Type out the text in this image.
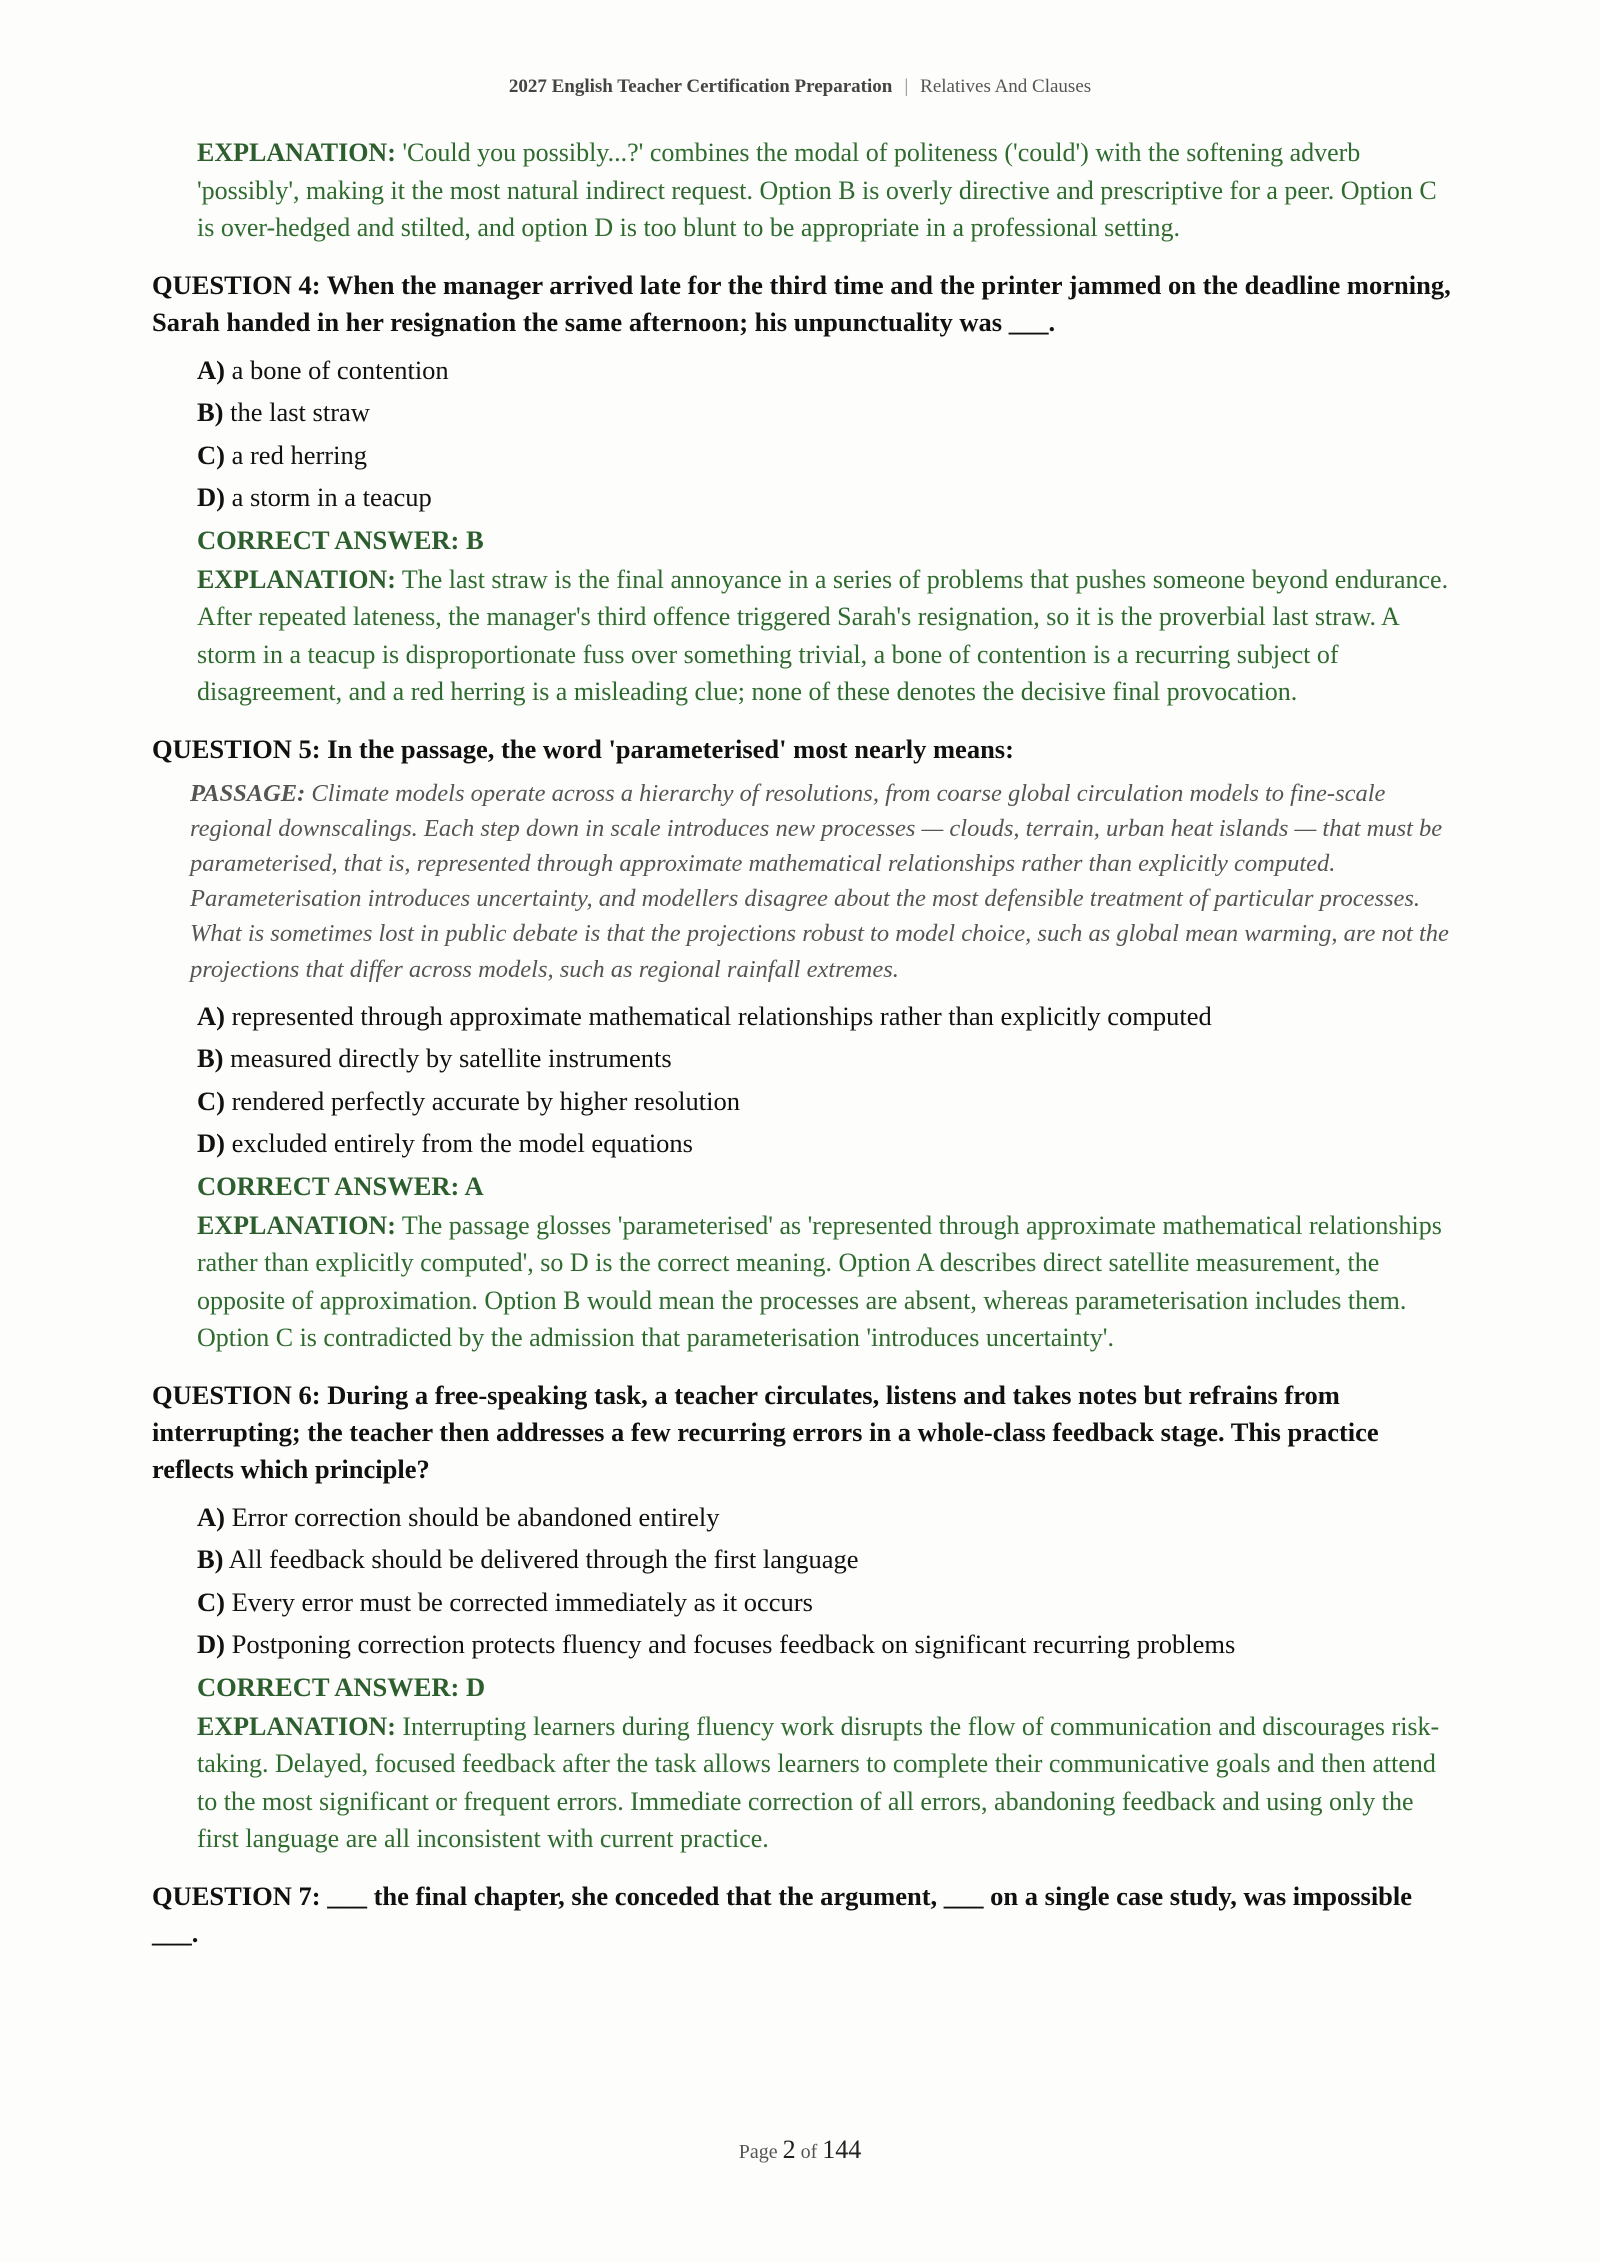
2027 English Teacher Certification Preparation | Relatives And Clauses
EXPLANATION: 'Could you possibly...?' combines the modal of politeness ('could') with the softening adverb 'possibly', making it the most natural indirect request. Option B is overly directive and prescriptive for a peer. Option C is over-hedged and stilted, and option D is too blunt to be appropriate in a professional setting.
QUESTION 4: When the manager arrived late for the third time and the printer jammed on the deadline morning, Sarah handed in her resignation the same afternoon; his unpunctuality was ___.
A) a bone of contention
B) the last straw
C) a red herring
D) a storm in a teacup
CORRECT ANSWER: B
EXPLANATION: The last straw is the final annoyance in a series of problems that pushes someone beyond endurance. After repeated lateness, the manager's third offence triggered Sarah's resignation, so it is the proverbial last straw. A storm in a teacup is disproportionate fuss over something trivial, a bone of contention is a recurring subject of disagreement, and a red herring is a misleading clue; none of these denotes the decisive final provocation.
QUESTION 5: In the passage, the word 'parameterised' most nearly means:
PASSAGE: Climate models operate across a hierarchy of resolutions, from coarse global circulation models to fine-scale regional downscalings. Each step down in scale introduces new processes — clouds, terrain, urban heat islands — that must be parameterised, that is, represented through approximate mathematical relationships rather than explicitly computed. Parameterisation introduces uncertainty, and modellers disagree about the most defensible treatment of particular processes. What is sometimes lost in public debate is that the projections robust to model choice, such as global mean warming, are not the projections that differ across models, such as regional rainfall extremes.
A) represented through approximate mathematical relationships rather than explicitly computed
B) measured directly by satellite instruments
C) rendered perfectly accurate by higher resolution
D) excluded entirely from the model equations
CORRECT ANSWER: A
EXPLANATION: The passage glosses 'parameterised' as 'represented through approximate mathematical relationships rather than explicitly computed', so D is the correct meaning. Option A describes direct satellite measurement, the opposite of approximation. Option B would mean the processes are absent, whereas parameterisation includes them. Option C is contradicted by the admission that parameterisation 'introduces uncertainty'.
QUESTION 6: During a free-speaking task, a teacher circulates, listens and takes notes but refrains from interrupting; the teacher then addresses a few recurring errors in a whole-class feedback stage. This practice reflects which principle?
A) Error correction should be abandoned entirely
B) All feedback should be delivered through the first language
C) Every error must be corrected immediately as it occurs
D) Postponing correction protects fluency and focuses feedback on significant recurring problems
CORRECT ANSWER: D
EXPLANATION: Interrupting learners during fluency work disrupts the flow of communication and discourages risk-taking. Delayed, focused feedback after the task allows learners to complete their communicative goals and then attend to the most significant or frequent errors. Immediate correction of all errors, abandoning feedback and using only the first language are all inconsistent with current practice.
QUESTION 7: ___ the final chapter, she conceded that the argument, ___ on a single case study, was impossible ___.
Page 2 of 144
